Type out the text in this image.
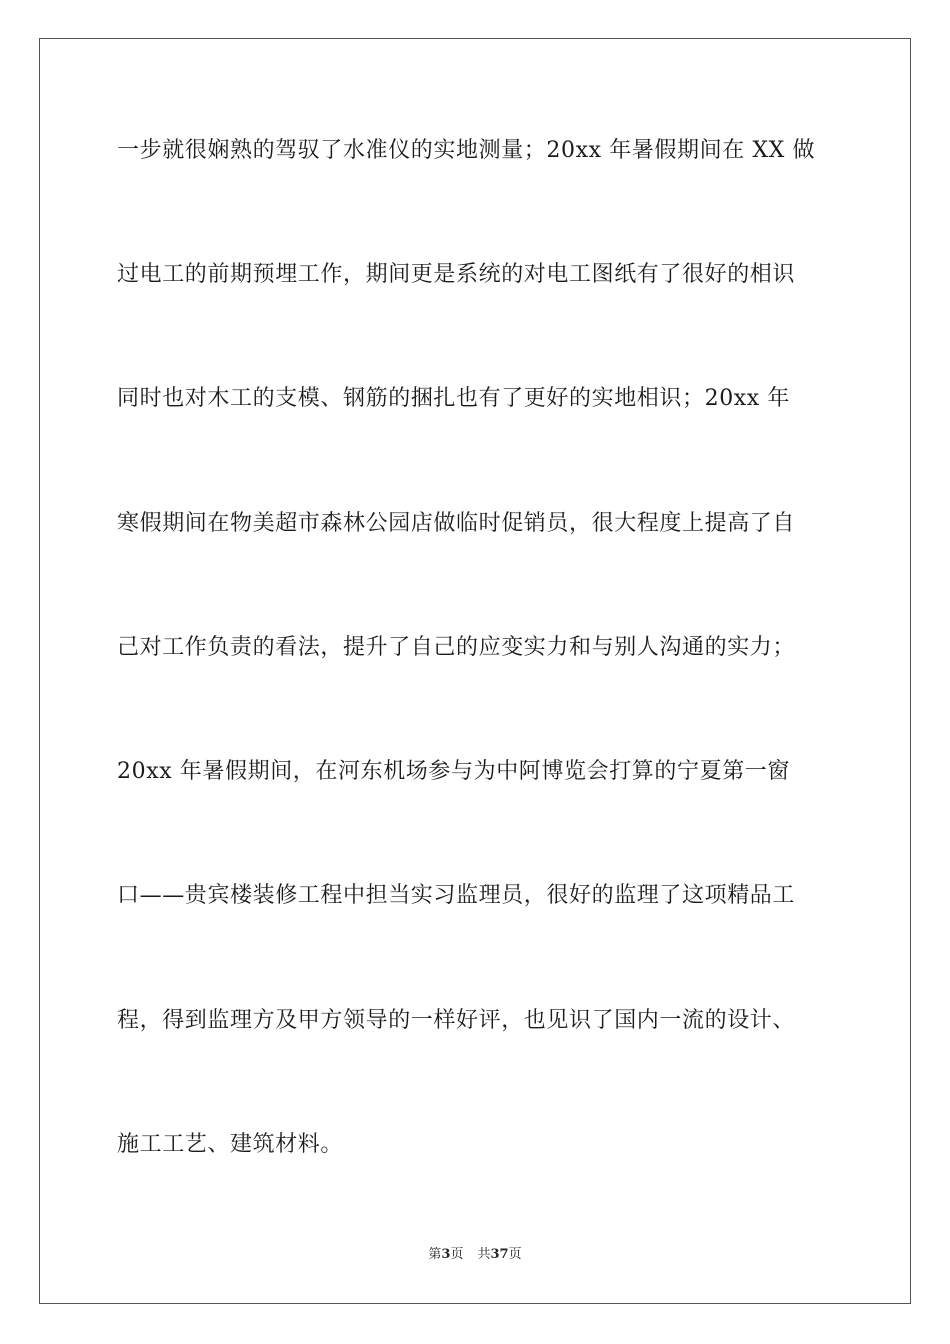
一步就很娴熟的驾驭了水准仪的实地测量；20xx 年暑假期间在 XX 做
过电工的前期预埋工作，期间更是系统的对电工图纸有了很好的相识
同时也对木工的支模、钢筋的捆扎也有了更好的实地相识；20xx 年
寒假期间在物美超市森林公园店做临时促销员，很大程度上提高了自
己对工作负责的看法，提升了自己的应变实力和与别人沟通的实力；
20xx 年暑假期间，在河东机场参与为中阿博览会打算的宁夏第一窗
口——贵宾楼装修工程中担当实习监理员，很好的监理了这项精品工
程，得到监理方及甲方领导的一样好评，也见识了国内一流的设计、
施工工艺、建筑材料。
第3页 共37页
